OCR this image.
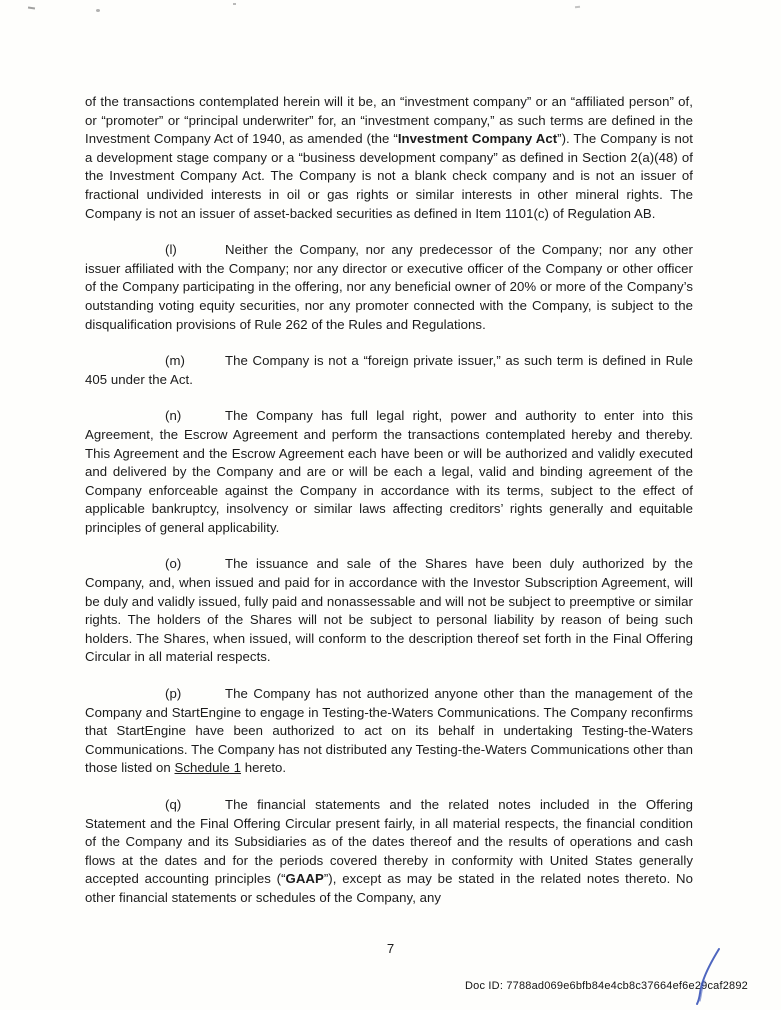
of the transactions contemplated herein will it be, an “investment company” or an “affiliated person” of, or “promoter” or “principal underwriter” for, an “investment company,” as such terms are defined in the Investment Company Act of 1940, as amended (the “Investment Company Act”). The Company is not a development stage company or a “business development company” as defined in Section 2(a)(48) of the Investment Company Act. The Company is not a blank check company and is not an issuer of fractional undivided interests in oil or gas rights or similar interests in other mineral rights. The Company is not an issuer of asset-backed securities as defined in Item 1101(c) of Regulation AB.

(l)	Neither the Company, nor any predecessor of the Company; nor any other issuer affiliated with the Company; nor any director or executive officer of the Company or other officer of the Company participating in the offering, nor any beneficial owner of 20% or more of the Company’s outstanding voting equity securities, nor any promoter connected with the Company, is subject to the disqualification provisions of Rule 262 of the Rules and Regulations.

(m)	The Company is not a “foreign private issuer,” as such term is defined in Rule 405 under the Act.

(n)	The Company has full legal right, power and authority to enter into this Agreement, the Escrow Agreement and perform the transactions contemplated hereby and thereby. This Agreement and the Escrow Agreement each have been or will be authorized and validly executed and delivered by the Company and are or will be each a legal, valid and binding agreement of the Company enforceable against the Company in accordance with its terms, subject to the effect of applicable bankruptcy, insolvency or similar laws affecting creditors’ rights generally and equitable principles of general applicability.

(o)	The issuance and sale of the Shares have been duly authorized by the Company, and, when issued and paid for in accordance with the Investor Subscription Agreement, will be duly and validly issued, fully paid and nonassessable and will not be subject to preemptive or similar rights. The holders of the Shares will not be subject to personal liability by reason of being such holders. The Shares, when issued, will conform to the description thereof set forth in the Final Offering Circular in all material respects.

(p)	The Company has not authorized anyone other than the management of the Company and StartEngine to engage in Testing-the-Waters Communications. The Company reconfirms that StartEngine have been authorized to act on its behalf in undertaking Testing-the-Waters Communications. The Company has not distributed any Testing-the-Waters Communications other than those listed on Schedule 1 hereto.

(q)	The financial statements and the related notes included in the Offering Statement and the Final Offering Circular present fairly, in all material respects, the financial condition of the Company and its Subsidiaries as of the dates thereof and the results of operations and cash flows at the dates and for the periods covered thereby in conformity with United States generally accepted accounting principles (“GAAP”), except as may be stated in the related notes thereto. No other financial statements or schedules of the Company, any

7
Doc ID: 7788ad069e6bfb84e4cb8c37664ef6e29caf2892
